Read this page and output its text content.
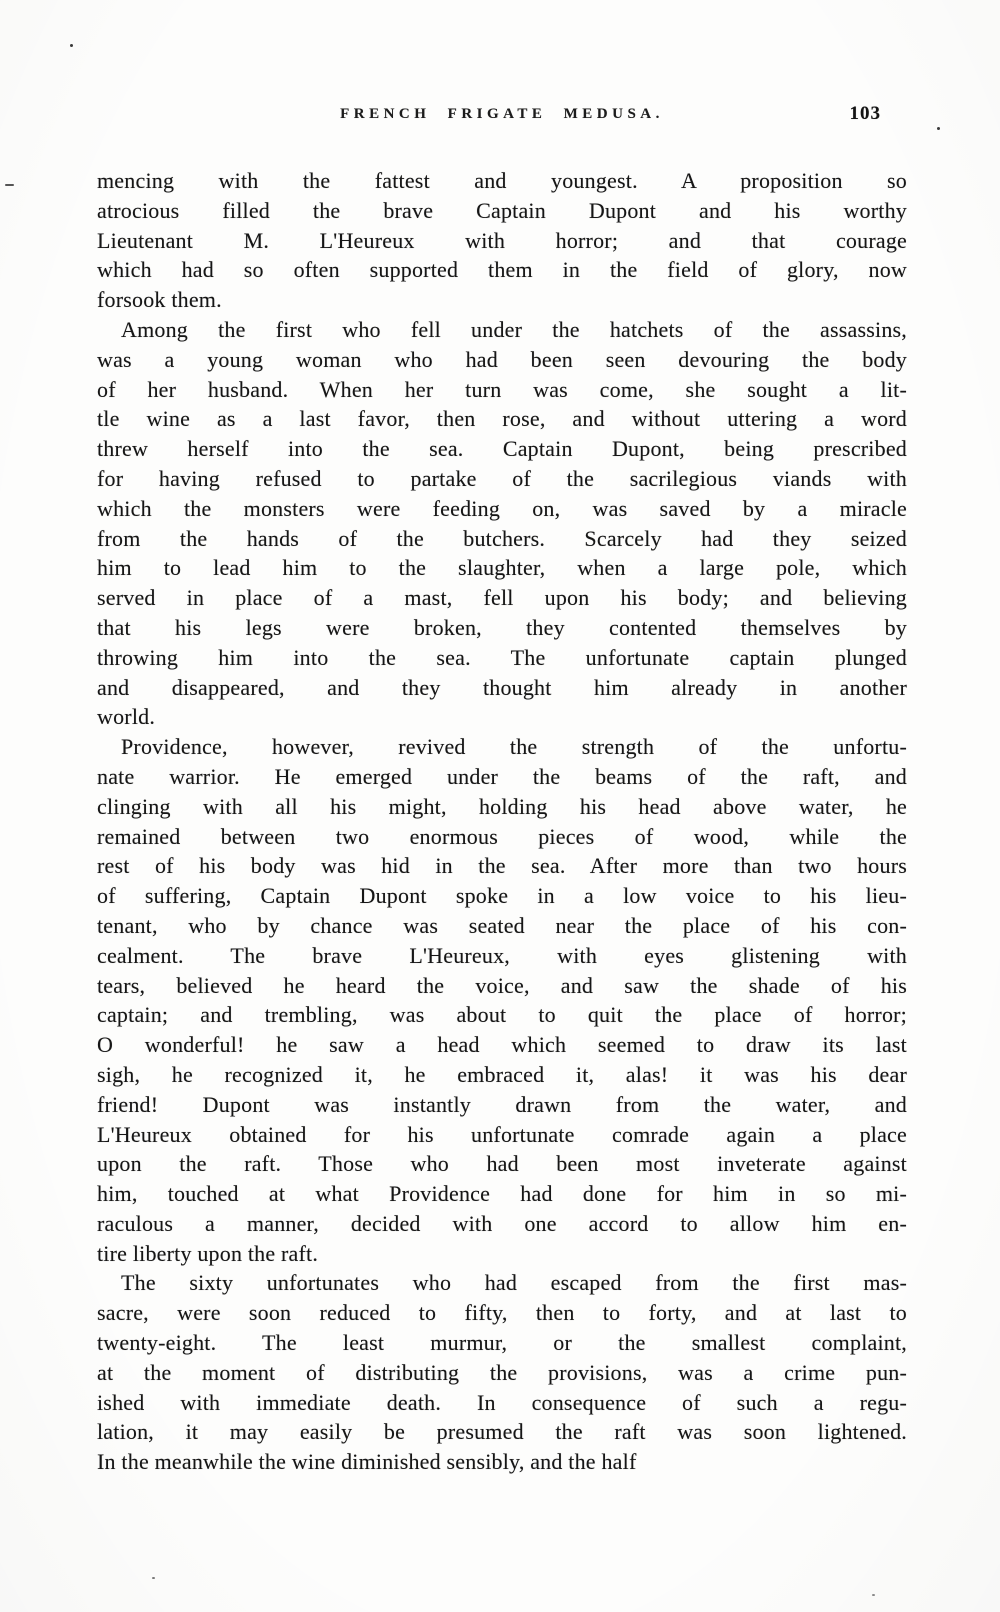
FRENCH FRIGATE MEDUSA.	103
mencing with the fattest and youngest. A proposition so
atrocious filled the brave Captain Dupont and his worthy
Lieutenant M. L'Heureux with horror; and that courage
which had so often supported them in the field of glory, now
forsook them.
Among the first who fell under the hatchets of the assassins,
was a young woman who had been seen devouring the body
of her husband. When her turn was come, she sought a lit-
tle wine as a last favor, then rose, and without uttering a word
threw herself into the sea. Captain Dupont, being prescribed
for having refused to partake of the sacrilegious viands with
which the monsters were feeding on, was saved by a miracle
from the hands of the butchers. Scarcely had they seized
him to lead him to the slaughter, when a large pole, which
served in place of a mast, fell upon his body; and believing
that his legs were broken, they contented themselves by
throwing him into the sea. The unfortunate captain plunged
and disappeared, and they thought him already in another
world.
Providence, however, revived the strength of the unfortu-
nate warrior. He emerged under the beams of the raft, and
clinging with all his might, holding his head above water, he
remained between two enormous pieces of wood, while the
rest of his body was hid in the sea. After more than two hours
of suffering, Captain Dupont spoke in a low voice to his lieu-
tenant, who by chance was seated near the place of his con-
cealment. The brave L'Heureux, with eyes glistening with
tears, believed he heard the voice, and saw the shade of his
captain; and trembling, was about to quit the place of horror;
O wonderful! he saw a head which seemed to draw its last
sigh, he recognized it, he embraced it, alas! it was his dear
friend! Dupont was instantly drawn from the water, and
L'Heureux obtained for his unfortunate comrade again a place
upon the raft. Those who had been most inveterate against
him, touched at what Providence had done for him in so mi-
raculous a manner, decided with one accord to allow him en-
tire liberty upon the raft.
The sixty unfortunates who had escaped from the first mas-
sacre, were soon reduced to fifty, then to forty, and at last to
twenty-eight. The least murmur, or the smallest complaint,
at the moment of distributing the provisions, was a crime pun-
ished with immediate death. In consequence of such a regu-
lation, it may easily be presumed the raft was soon lightened.
In the meanwhile the wine diminished sensibly, and the half
